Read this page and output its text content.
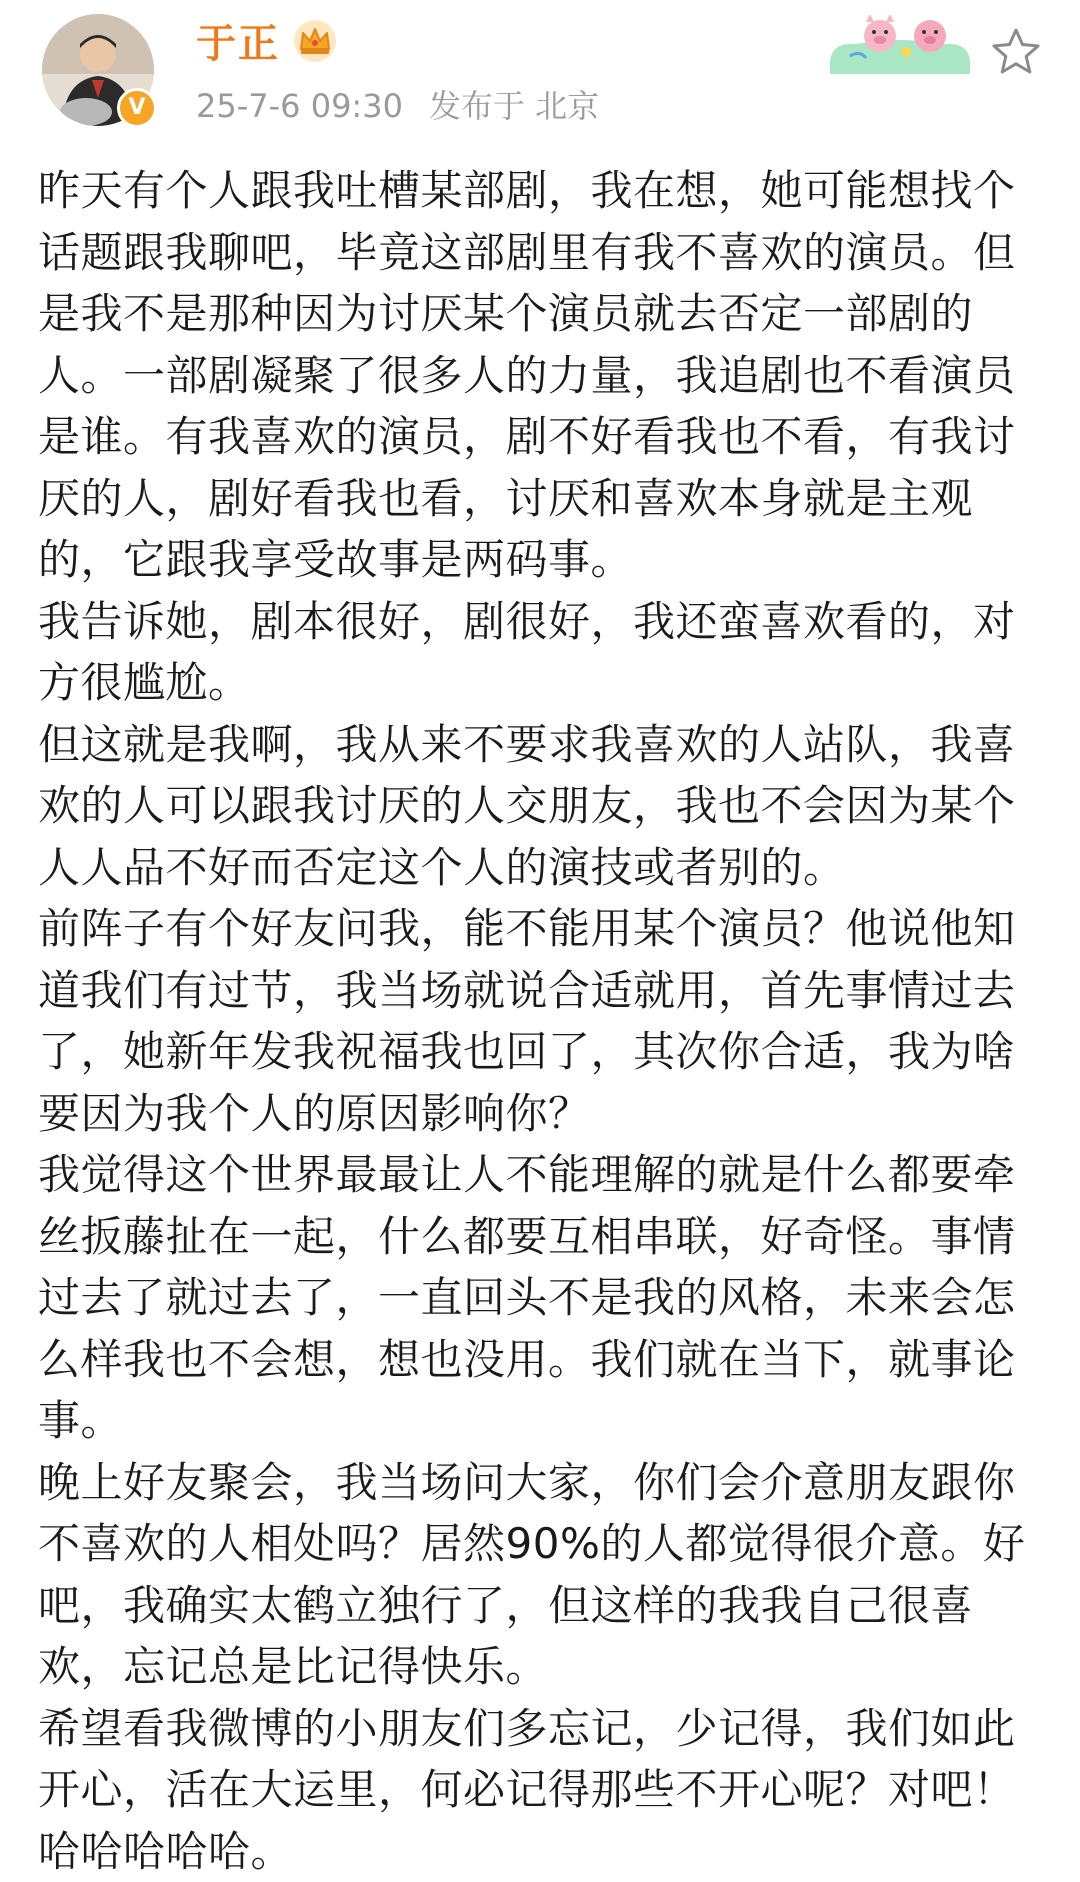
V
于正
25-7-6 09:30 发布于 北京

昨天有个人跟我吐槽某部剧，我在想，她可能想找个话题跟我聊吧，毕竟这部剧里有我不喜欢的演员。但是我不是那种因为讨厌某个演员就去否定一部剧的人。一部剧凝聚了很多人的力量，我追剧也不看演员是谁。有我喜欢的演员，剧不好看我也不看，有我讨厌的人，剧好看我也看，讨厌和喜欢本身就是主观的，它跟我享受故事是两码事。

我告诉她，剧本很好，剧很好，我还蛮喜欢看的，对方很尴尬。

但这就是我啊，我从来不要求我喜欢的人站队，我喜欢的人可以跟我讨厌的人交朋友，我也不会因为某个人人品不好而否定这个人的演技或者别的。

前阵子有个好友问我，能不能用某个演员？他说他知道我们有过节，我当场就说合适就用，首先事情过去了，她新年发我祝福我也回了，其次你合适，我为啥要因为我个人的原因影响你？

我觉得这个世界最最让人不能理解的就是什么都要牵丝扳藤扯在一起，什么都要互相串联，好奇怪。事情过去了就过去了，一直回头不是我的风格，未来会怎么样我也不会想，想也没用。我们就在当下，就事论事。

晚上好友聚会，我当场问大家，你们会介意朋友跟你不喜欢的人相处吗？居然90%的人都觉得很介意。好吧，我确实太鹤立独行了，但这样的我我自己很喜欢，忘记总是比记得快乐。

希望看我微博的小朋友们多忘记，少记得，我们如此开心，活在大运里，何必记得那些不开心呢？对吧！哈哈哈哈哈。
